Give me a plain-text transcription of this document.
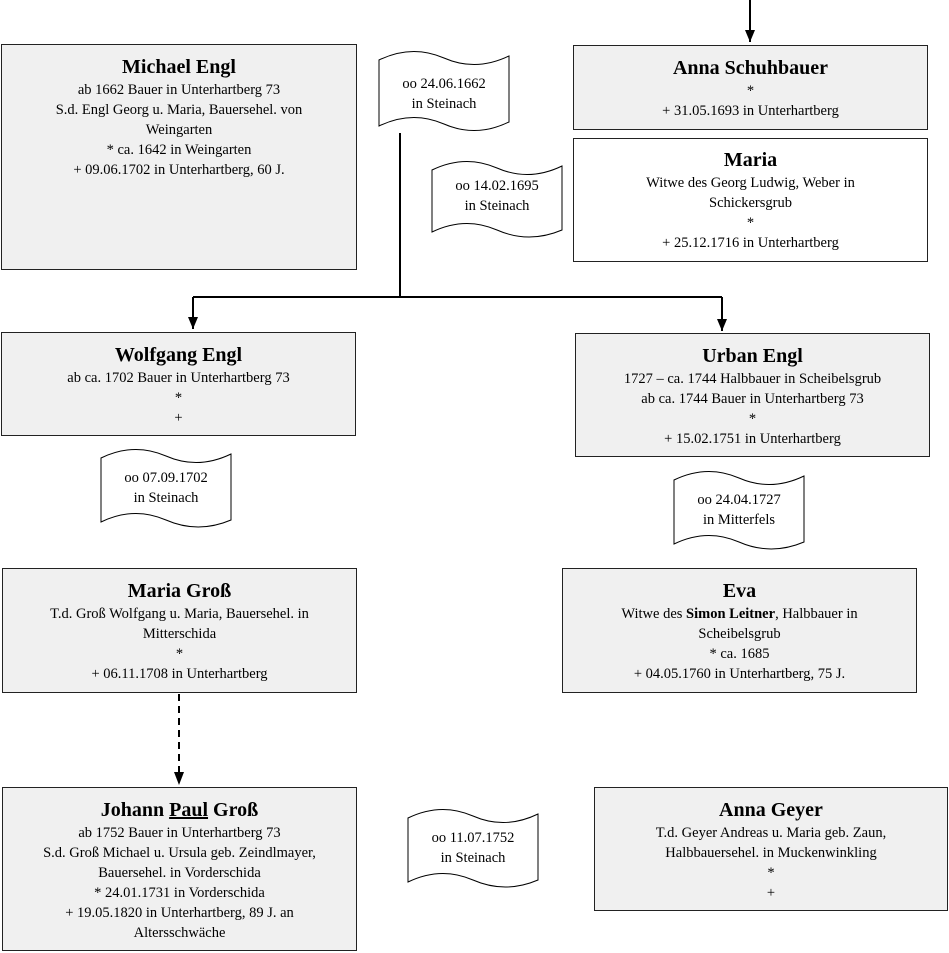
Michael Engl
ab 1662 Bauer in Unterhartberg 73
S.d. Engl Georg u. Maria, Bauersehel. von
Weingarten
* ca. 1642 in Weingarten
+ 09.06.1702 in Unterhartberg, 60 J.
Anna Schuhbauer
*
+ 31.05.1693 in Unterhartberg
Maria
Witwe des Georg Ludwig, Weber in
Schickersgrub
*
+ 25.12.1716 in Unterhartberg
Wolfgang Engl
ab ca. 1702 Bauer in Unterhartberg 73
*
+
Urban Engl
1727 – ca. 1744 Halbbauer in Scheibelsgrub
ab ca. 1744 Bauer in Unterhartberg 73
*
+ 15.02.1751 in Unterhartberg
Maria Groß
T.d. Groß Wolfgang u. Maria, Bauersehel. in
Mitterschida
*
+ 06.11.1708 in Unterhartberg
Eva
Witwe des Simon Leitner, Halbbauer in
Scheibelsgrub
* ca. 1685
+ 04.05.1760 in Unterhartberg, 75 J.
Johann Paul Groß
ab 1752 Bauer in Unterhartberg 73
S.d. Groß Michael u. Ursula geb. Zeindlmayer,
Bauersehel. in Vorderschida
* 24.01.1731 in Vorderschida
+ 19.05.1820 in Unterhartberg, 89 J. an
Altersschwäche
Anna Geyer
T.d. Geyer Andreas u. Maria geb. Zaun,
Halbbauersehel. in Muckenwinkling
*
+
oo 24.06.1662
in Steinach
oo 14.02.1695
in Steinach
oo 07.09.1702
in Steinach	oo 24.04.1727
in Mitterfels
oo 11.07.1752
in Steinach
